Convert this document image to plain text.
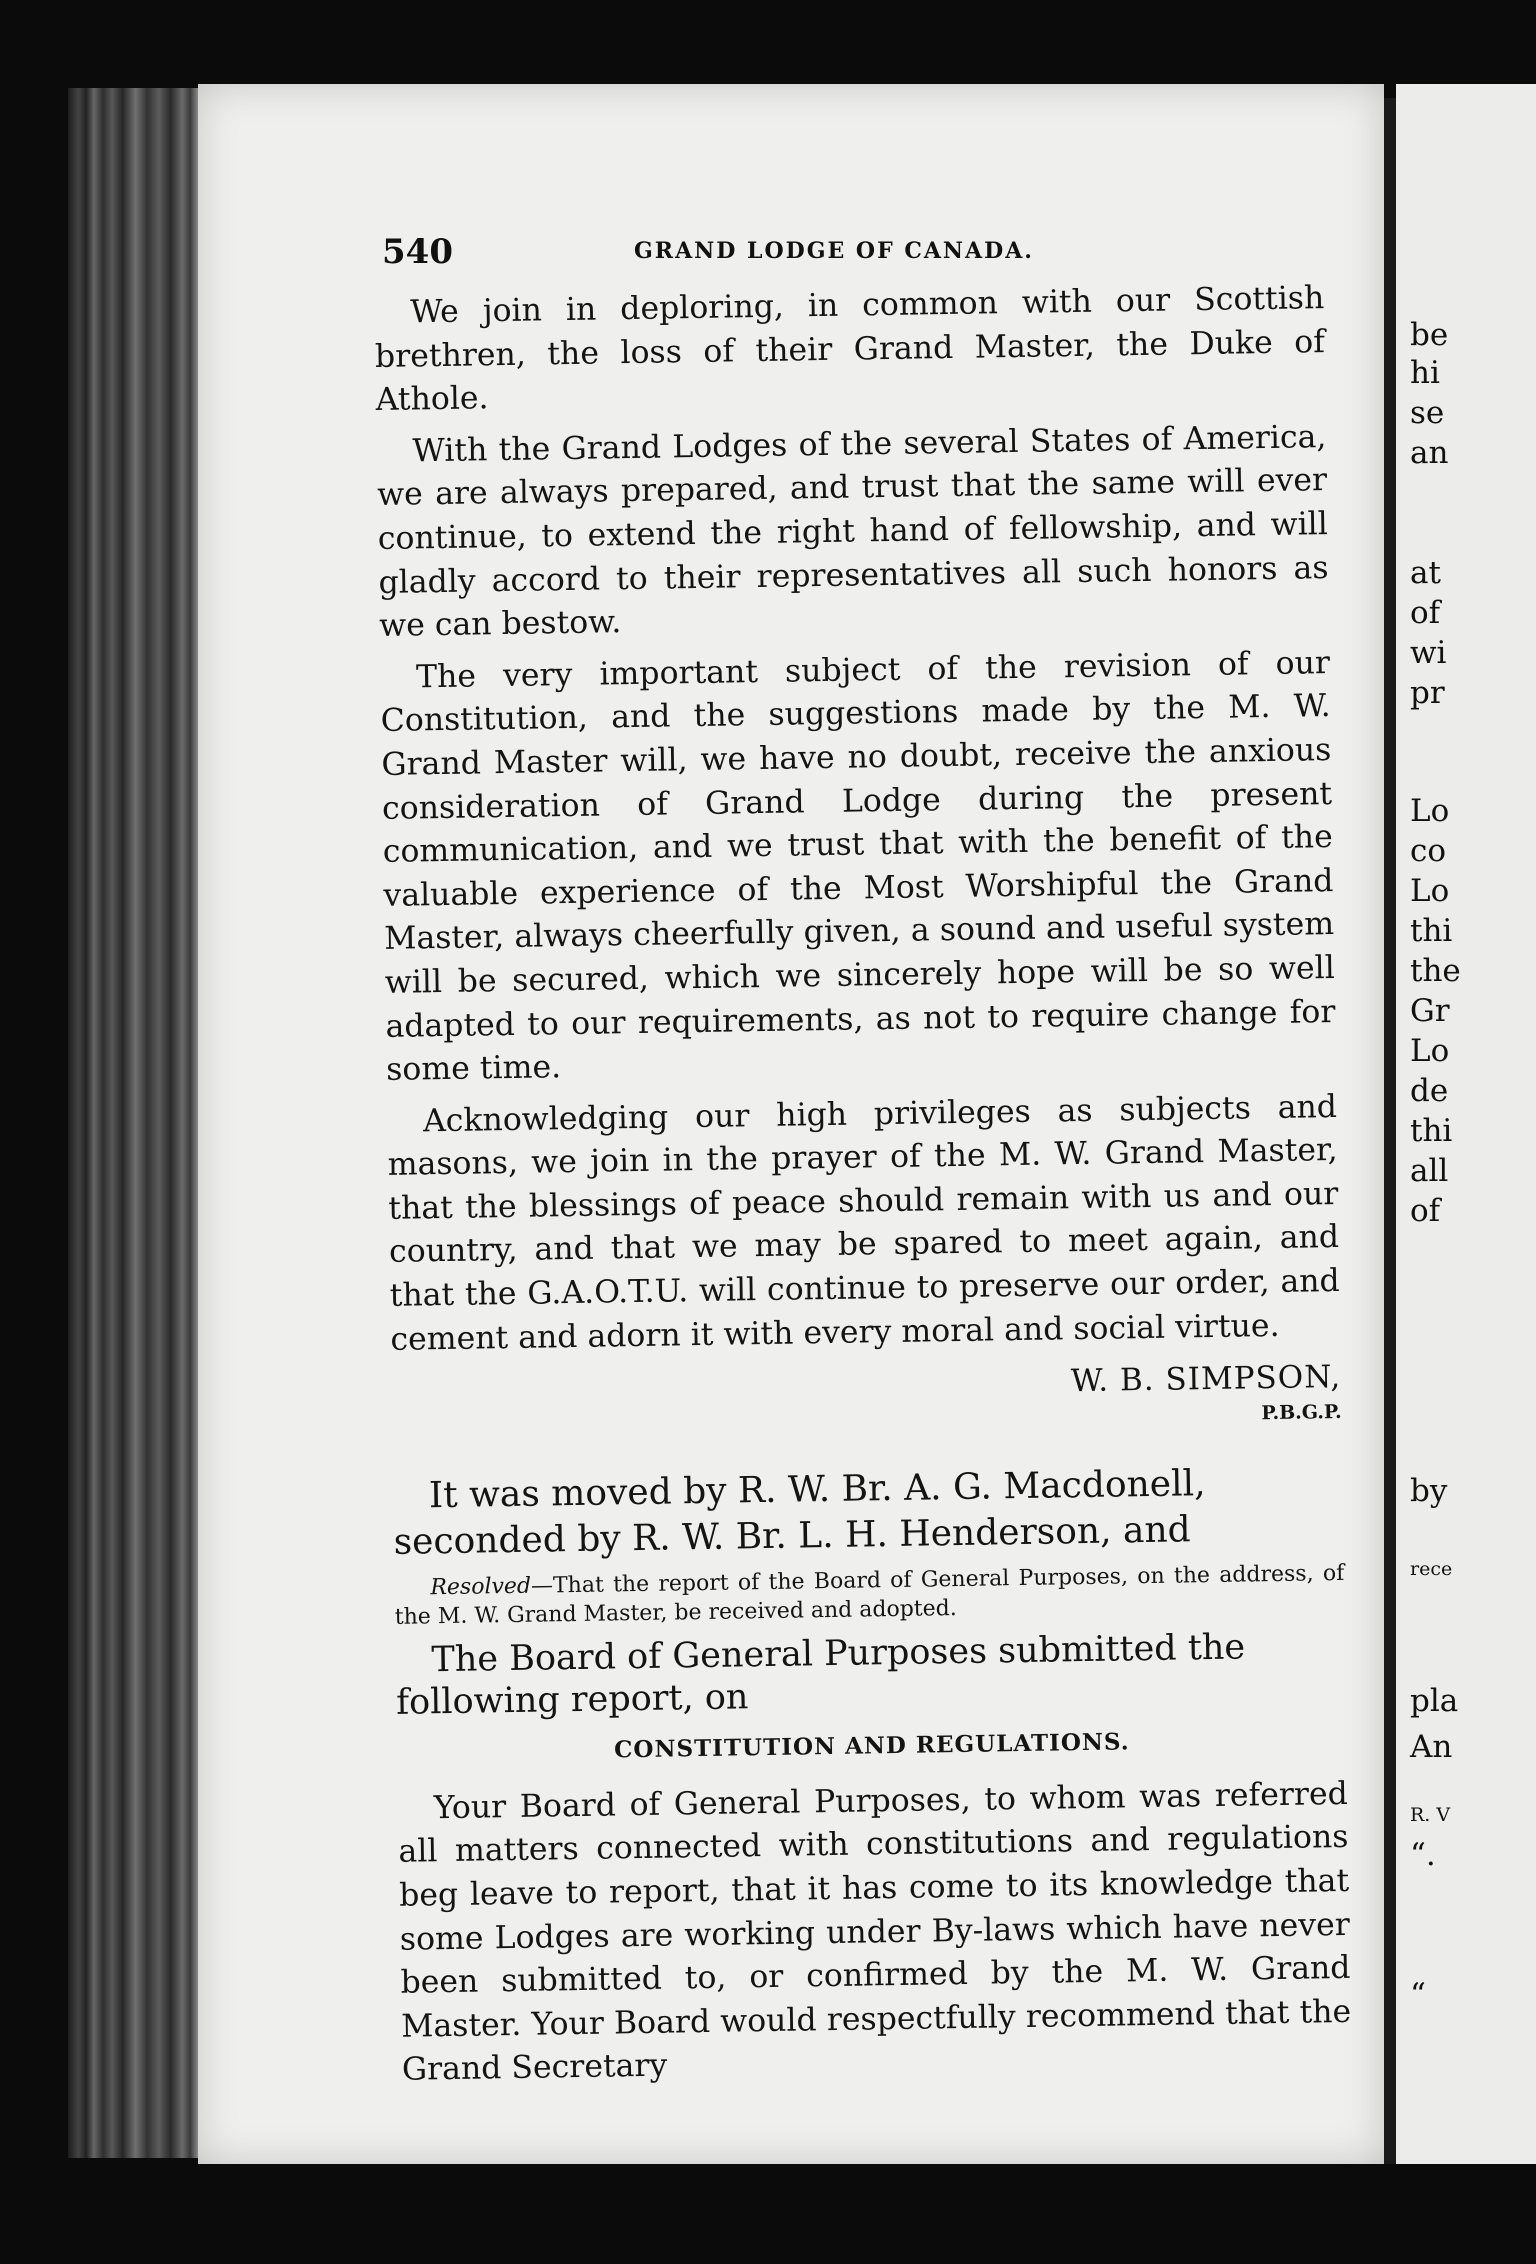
be
hi
se
an
at
of
wi
pr
Lo
co
Lo
thi
the
Gr
Lo
de
thi
all
of
by
rece
pla
An
R. V
“.
“
540	GRAND LODGE OF CANADA.

We join in deploring, in common with our Scottish brethren, the loss of their Grand Master, the Duke of Athole.

With the Grand Lodges of the several States of America, we are always prepared, and trust that the same will ever continue, to extend the right hand of fellowship, and will gladly accord to their representatives all such honors as we can bestow.

The very important subject of the revision of our Constitution, and the suggestions made by the M. W. Grand Master will, we have no doubt, receive the anxious consideration of Grand Lodge during the present communication, and we trust that with the benefit of the valuable experience of the Most Worshipful the Grand Master, always cheerfully given, a sound and useful system will be secured, which we sincerely hope will be so well adapted to our requirements, as not to require change for some time.

Acknowledging our high privileges as subjects and masons, we join in the prayer of the M. W. Grand Master, that the blessings of peace should remain with us and our country, and that we may be spared to meet again, and that the G.A.O.T.U. will continue to preserve our order, and cement and adorn it with every moral and social virtue.

W. B. SIMPSON,
P.B.G.P.

It was moved by R. W. Br. A. G. Macdonell, seconded by R. W. Br. L. H. Henderson, and

Resolved—That the report of the Board of General Purposes, on the address, of the M. W. Grand Master, be received and adopted.

The Board of General Purposes submitted the following report, on

CONSTITUTION AND REGULATIONS.

Your Board of General Purposes, to whom was referred all matters connected with constitutions and regulations beg leave to report, that it has come to its knowledge that some Lodges are working under By-laws which have never been submitted to, or confirmed by the M. W. Grand Master. Your Board would respectfully recommend that the Grand Secretary
